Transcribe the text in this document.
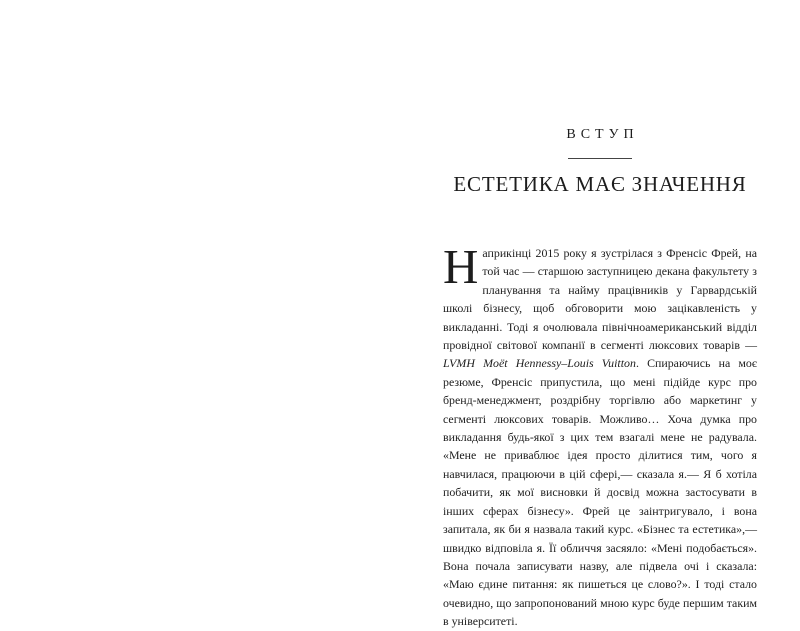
ВСТУП
ЕСТЕТИКА МАЄ ЗНАЧЕННЯ
Наприкінці 2015 року я зустрілася з Френсіс Фрей, на той час — старшою заступницею декана факультету з планування та найму працівників у Гарвардській школі бізнесу, щоб обговорити мою зацікавленість у викладанні. Тоді я очолювала північноамериканський відділ провідної світової компанії в сегменті люксових товарів — LVMH Moët Hennessy–Louis Vuitton. Спираючись на моє резюме, Френсіс припустила, що мені підійде курс про бренд-менеджмент, роздрібну торгівлю або маркетинг у сегменті люксових товарів. Можливо… Хоча думка про викладання будь-якої з цих тем взагалі мене не радувала. «Мене не приваблює ідея просто ділитися тим, чого я навчилася, працюючи в цій сфері,— сказала я.— Я б хотіла побачити, як мої висновки й досвід можна застосувати в інших сферах бізнесу». Фрей це заінтригувало, і вона запитала, як би я назвала такий курс. «Бізнес та естетика»,— швидко відповіла я. Її обличчя засяяло: «Мені подобається». Вона почала записувати назву, але підвела очі і сказала: «Маю єдине питання: як пишеться це слово?». І тоді стало очевидно, що запропонований мною курс буде першим таким в університеті.
